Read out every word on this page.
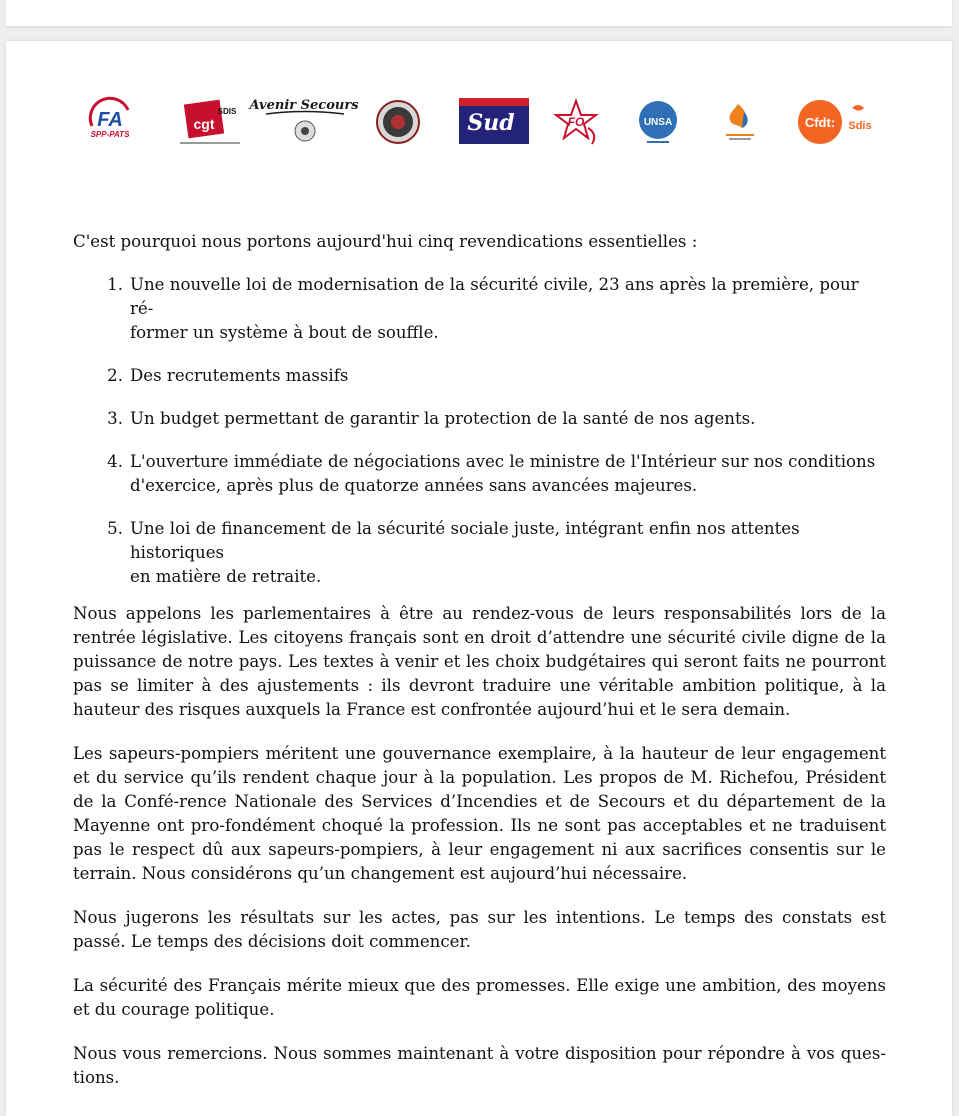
FA
SPP-PATS
cgt
SDIS Avenir Secours
Sud	FO	UNSA	Cfdt: Sdis

C'est pourquoi nous portons aujourd'hui cinq revendications essentielles :

1. Une nouvelle loi de modernisation de la sécurité civile, 23 ans après la première, pour ré-
former un système à bout de souffle.
2. Des recrutements massifs
3. Un budget permettant de garantir la protection de la santé de nos agents.
4. L'ouverture immédiate de négociations avec le ministre de l'Intérieur sur nos conditions
d'exercice, après plus de quatorze années sans avancées majeures.
5. Une loi de financement de la sécurité sociale juste, intégrant enfin nos attentes historiques
en matière de retraite.

Nous appelons les parlementaires à être au rendez-vous de leurs responsabilités lors de la rentrée législative. Les citoyens français sont en droit d’attendre une sécurité civile digne de la puissance de notre pays. Les textes à venir et les choix budgétaires qui seront faits ne pourront pas se limiter à des ajustements : ils devront traduire une véritable ambition politique, à la hauteur des risques auxquels la France est confrontée aujourd’hui et le sera demain.

Les sapeurs-pompiers méritent une gouvernance exemplaire, à la hauteur de leur engagement et du service qu’ils rendent chaque jour à la population. Les propos de M. Richefou, Président de la Confé-rence Nationale des Services d’Incendies et de Secours et du département de la Mayenne ont pro-fondément choqué la profession. Ils ne sont pas acceptables et ne traduisent pas le respect dû aux sapeurs-pompiers, à leur engagement ni aux sacrifices consentis sur le terrain. Nous considérons qu’un changement est aujourd’hui nécessaire.

Nous jugerons les résultats sur les actes, pas sur les intentions. Le temps des constats est passé. Le temps des décisions doit commencer.

La sécurité des Français mérite mieux que des promesses. Elle exige une ambition, des moyens et du courage politique.

Nous vous remercions. Nous sommes maintenant à votre disposition pour répondre à vos ques-tions.
